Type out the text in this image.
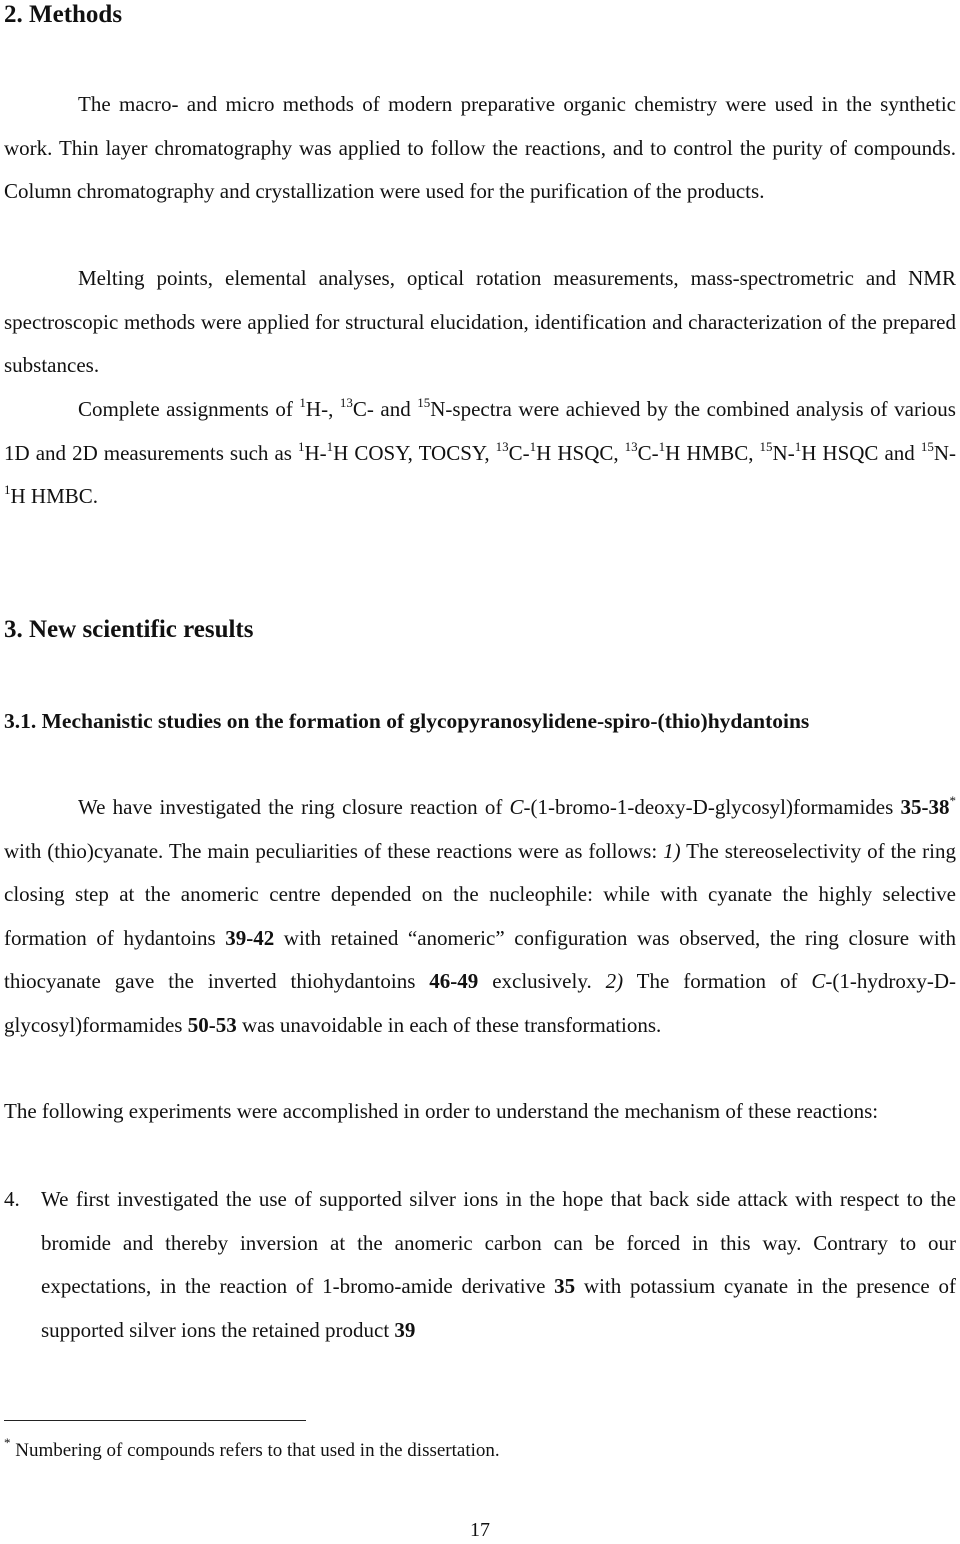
2. Methods

The macro- and micro methods of modern preparative organic chemistry were used in the synthetic work. Thin layer chromatography was applied to follow the reactions, and to control the purity of compounds. Column chromatography and crystallization were used for the purification of the products.

Melting points, elemental analyses, optical rotation measurements, mass-spectrometric and NMR spectroscopic methods were applied for structural elucidation, identification and characterization of the prepared substances.

Complete assignments of $^1$H-, $^{13}$C- and $^{15}$N-spectra were achieved by the combined analysis of various 1D and 2D measurements such as $^1$H-$^1$H COSY, TOCSY, $^{13}$C-$^1$H HSQC, $^{13}$C-$^1$H HMBC, $^{15}$N-$^1$H HSQC and $^{15}$N-$^1$H HMBC.

3. New scientific results
3.1. Mechanistic studies on the formation of glycopyranosylidene-spiro-(thio)hydantoins

We have investigated the ring closure reaction of C-(1-bromo-1-deoxy-D-glycosyl)formamides 35-38* with (thio)cyanate. The main peculiarities of these reactions were as follows: 1) The stereoselectivity of the ring closing step at the anomeric centre depended on the nucleophile: while with cyanate the highly selective formation of hydantoins 39-42 with retained “anomeric” configuration was observed, the ring closure with thiocyanate gave the inverted thiohydantoins 46-49 exclusively. 2) The formation of C-(1-hydroxy-D-glycosyl)formamides 50-53 was unavoidable in each of these transformations.

The following experiments were accomplished in order to understand the mechanism of these reactions:

4. We first investigated the use of supported silver ions in the hope that back side attack with respect to the bromide and thereby inversion at the anomeric carbon can be forced in this way. Contrary to our expectations, in the reaction of 1-bromo-amide derivative 35 with potassium cyanate in the presence of supported silver ions the retained product 39

* Numbering of compounds refers to that used in the dissertation.

17
